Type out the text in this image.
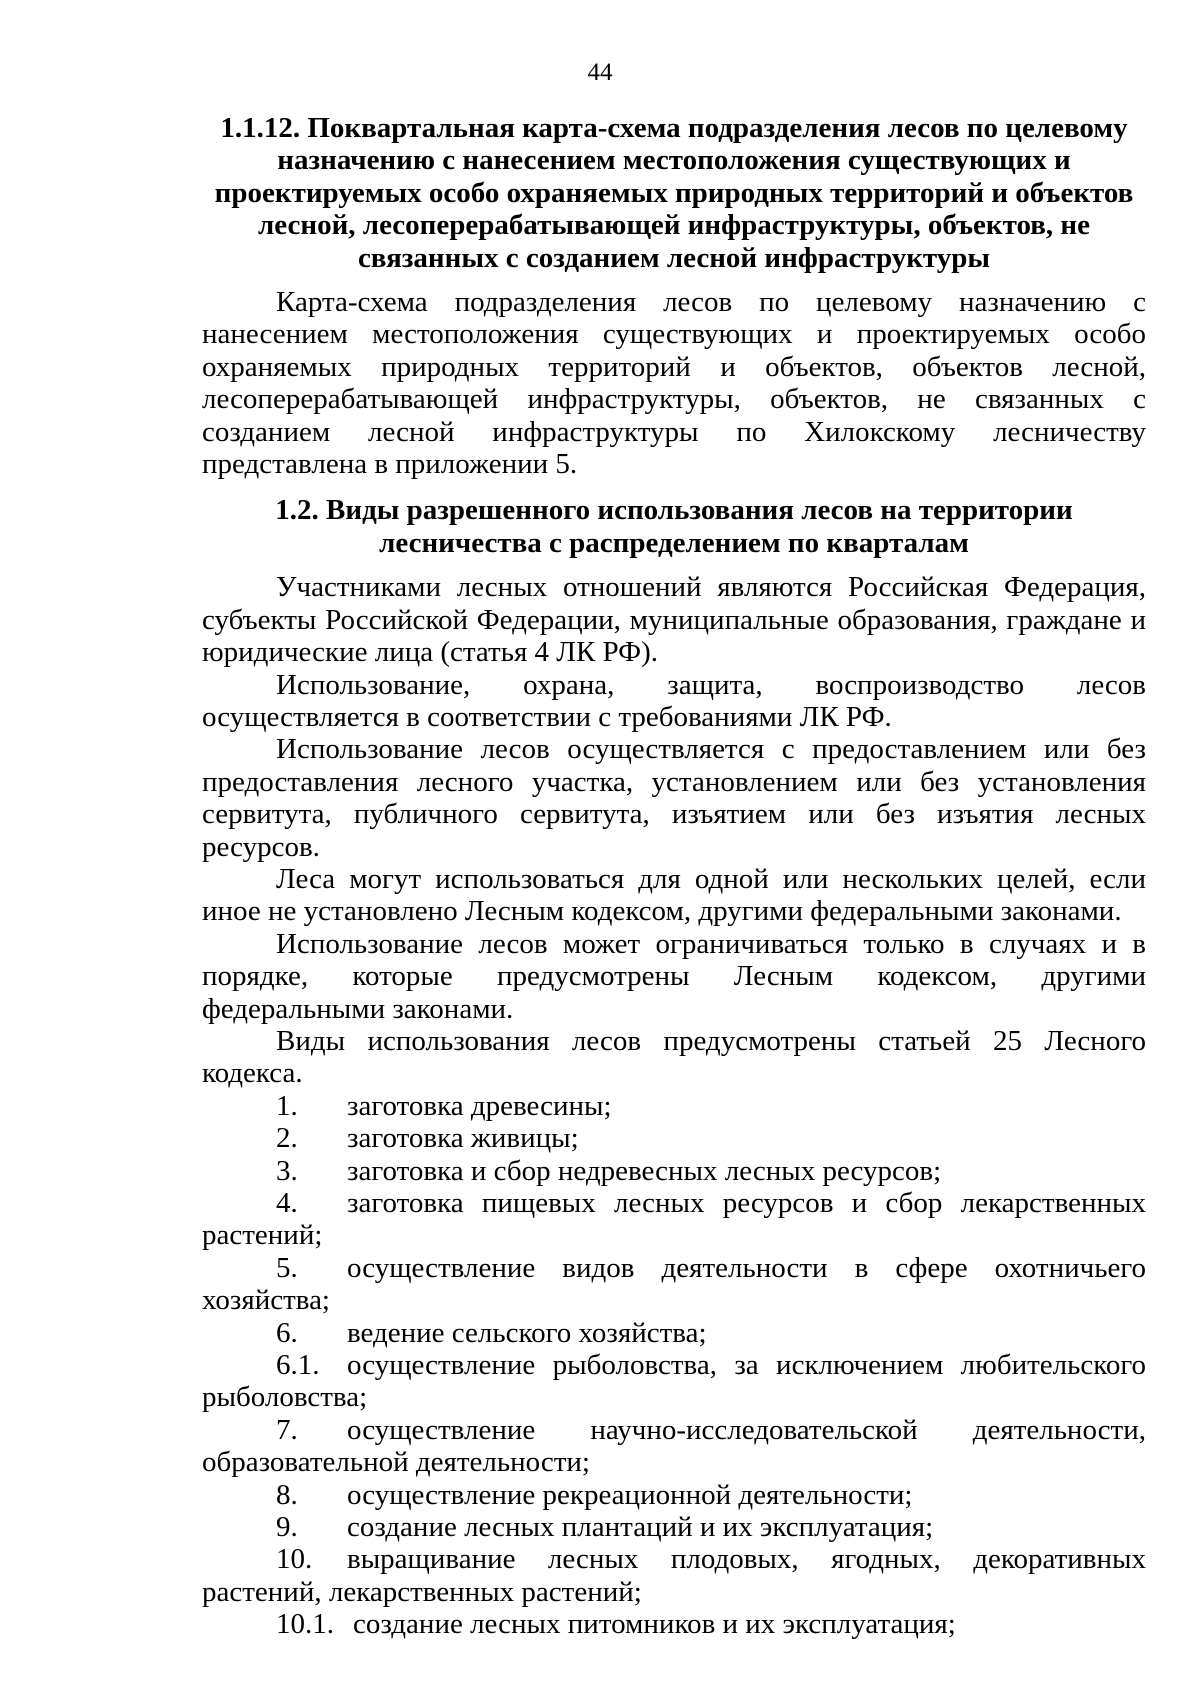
44
1.1.12. Поквартальная карта-схема подразделения лесов по целевому назначению с нанесением местоположения существующих и проектируемых особо охраняемых природных территорий и объектов лесной, лесоперерабатывающей инфраструктуры, объектов, не связанных с созданием лесной инфраструктуры

Карта-схема подразделения лесов по целевому назначению с нанесением местоположения существующих и проектируемых особо охраняемых природных территорий и объектов, объектов лесной, лесоперерабатывающей инфраструктуры, объектов, не связанных с созданием лесной инфраструктуры по Хилокскому лесничеству представлена в приложении 5.

1.2. Виды разрешенного использования лесов на территории лесничества с распределением по кварталам

Участниками лесных отношений являются Российская Федерация, субъекты Российской Федерации, муниципальные образования, граждане и юридические лица (статья 4 ЛК РФ).

Использование, охрана, защита, воспроизводство лесов осуществляется в соответствии с требованиями ЛК РФ.

Использование лесов осуществляется с предоставлением или без предоставления лесного участка, установлением или без установления сервитута, публичного сервитута, изъятием или без изъятия лесных ресурсов.

Леса могут использоваться для одной или нескольких целей, если иное не установлено Лесным кодексом, другими федеральными законами.

Использование лесов может ограничиваться только в случаях и в порядке, которые предусмотрены Лесным кодексом, другими федеральными законами.

Виды использования лесов предусмотрены статьей 25 Лесного кодекса.

1. заготовка древесины;

2. заготовка живицы;

3. заготовка и сбор недревесных лесных ресурсов;

4. заготовка пищевых лесных ресурсов и сбор лекарственных растений;

5. осуществление видов деятельности в сфере охотничьего хозяйства;

6. ведение сельского хозяйства;

6.1. осуществление рыболовства, за исключением любительского рыболовства;

7. осуществление научно-исследовательской деятельности, образовательной деятельности;

8. осуществление рекреационной деятельности;

9. создание лесных плантаций и их эксплуатация;

10. выращивание лесных плодовых, ягодных, декоративных растений, лекарственных растений;

10.1. создание лесных питомников и их эксплуатация;
